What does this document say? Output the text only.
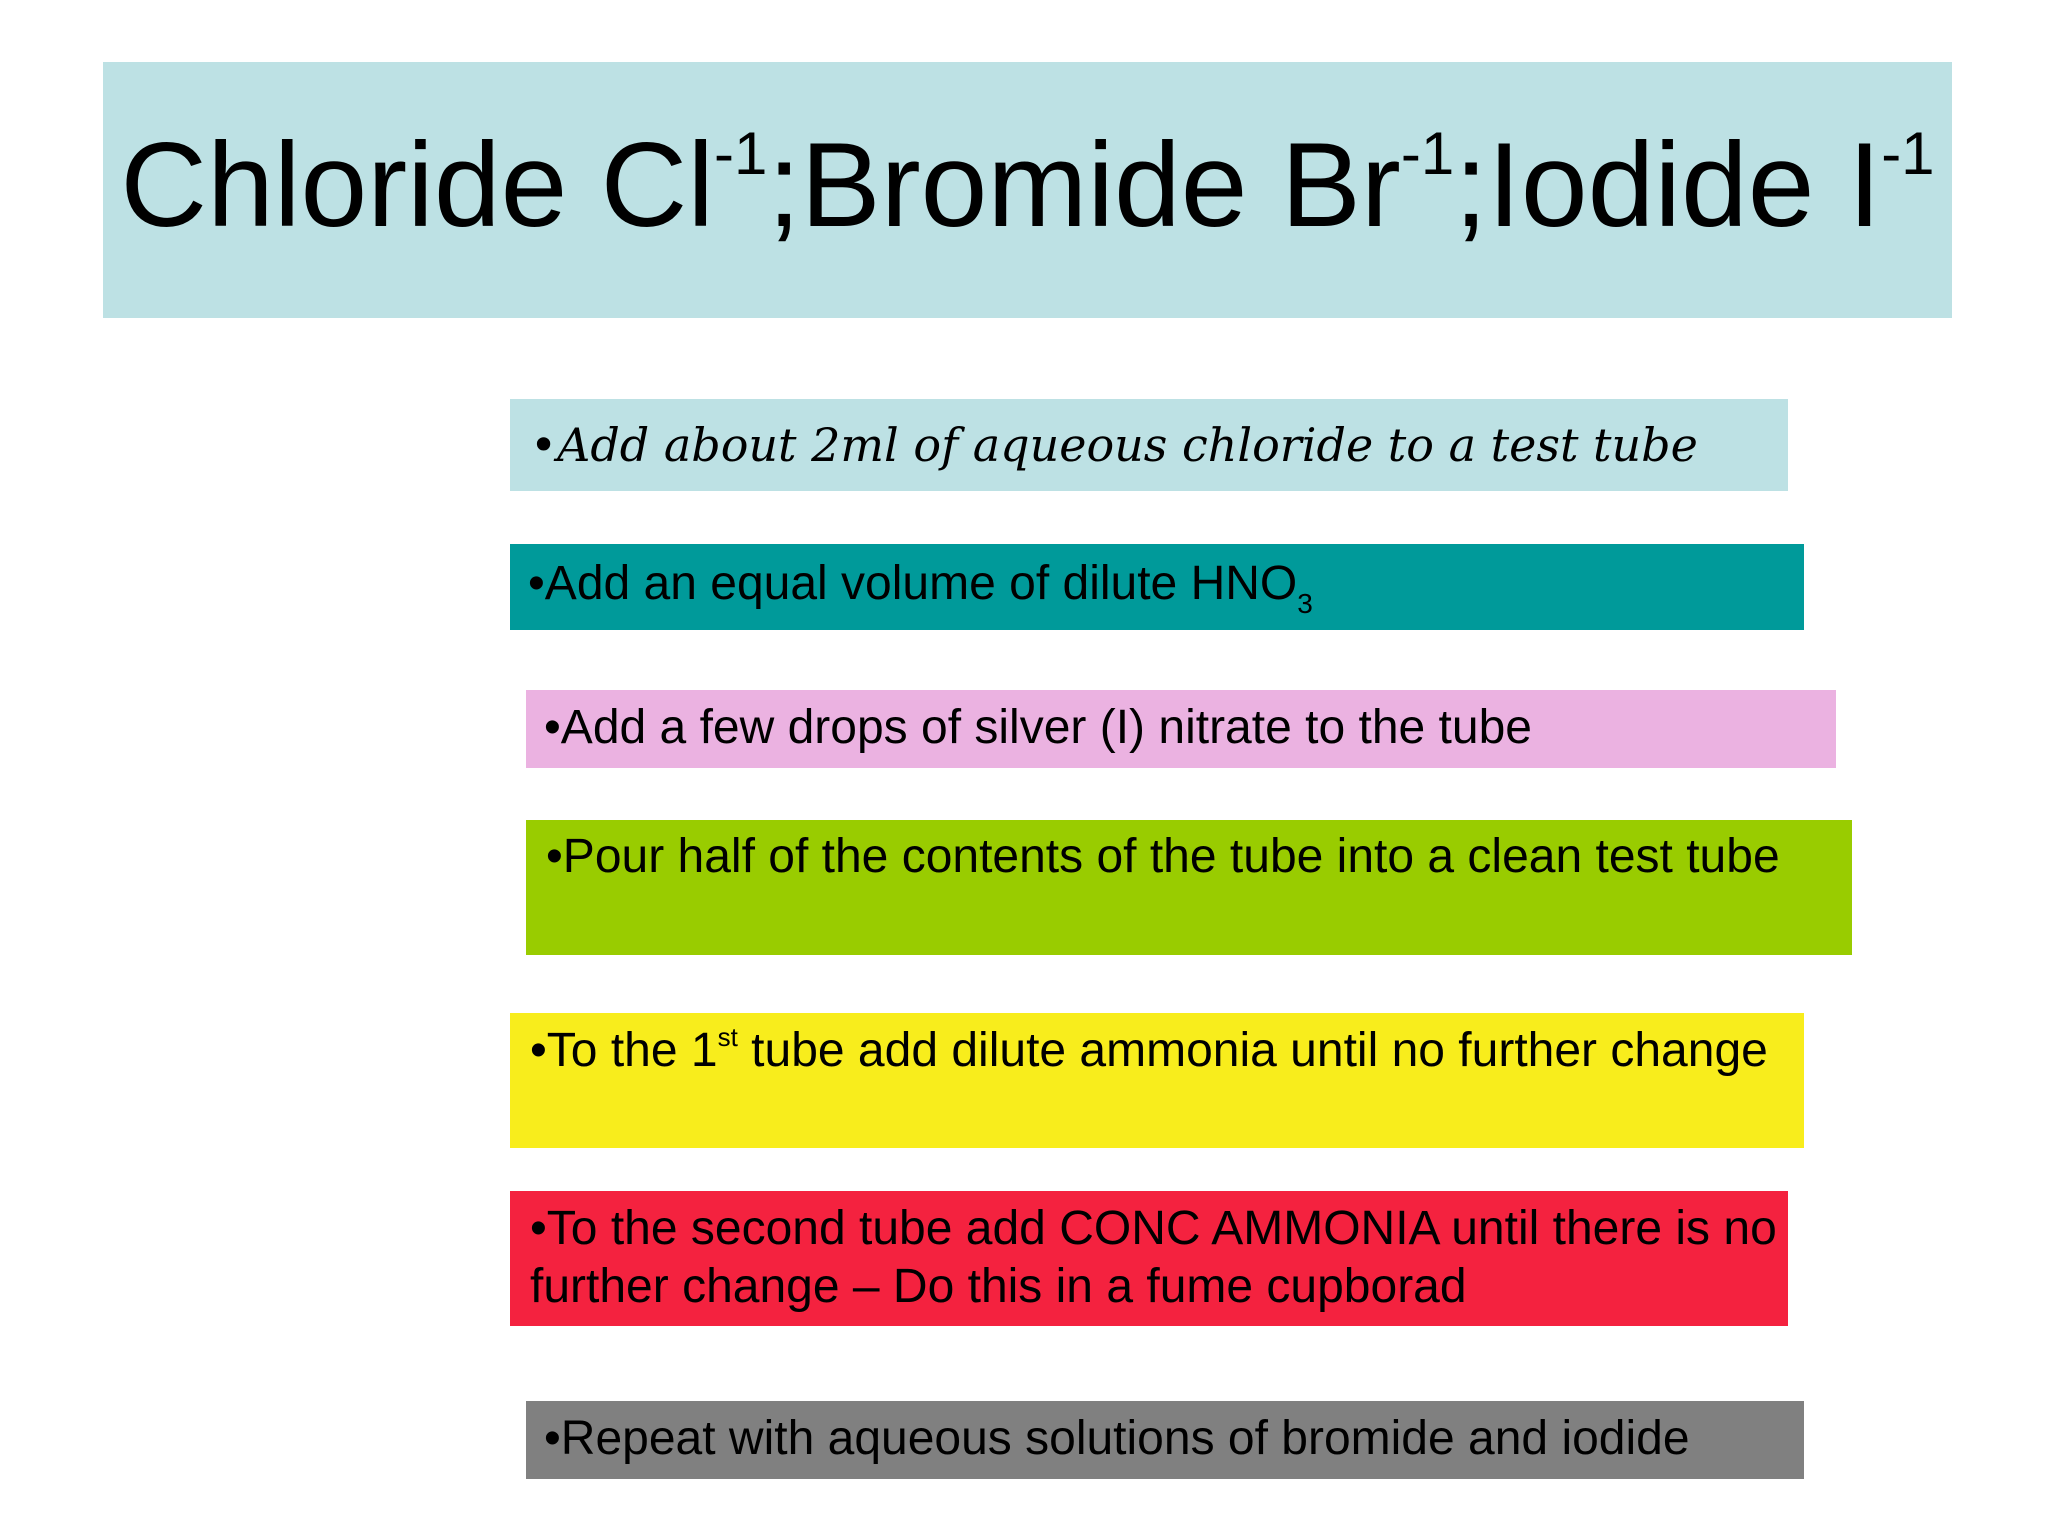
Chloride $Cl^{-1};Bromide$ $Br^{-1};Iodide$ $I^{-1}$
•Add about 2ml of aqueous chloride to a test tube
•Add an equal volume of dilute $HNO_3$
•Add a few drops of silver (I) nitrate to the tube
•Pour half of the contents of the tube into a clean test tube
•To the 1st tube add dilute ammonia until no further change
•To the second tube add CONC AMMONIA until there is no further change – Do this in a fume cupborad
•Repeat with aqueous solutions of bromide and iodide
